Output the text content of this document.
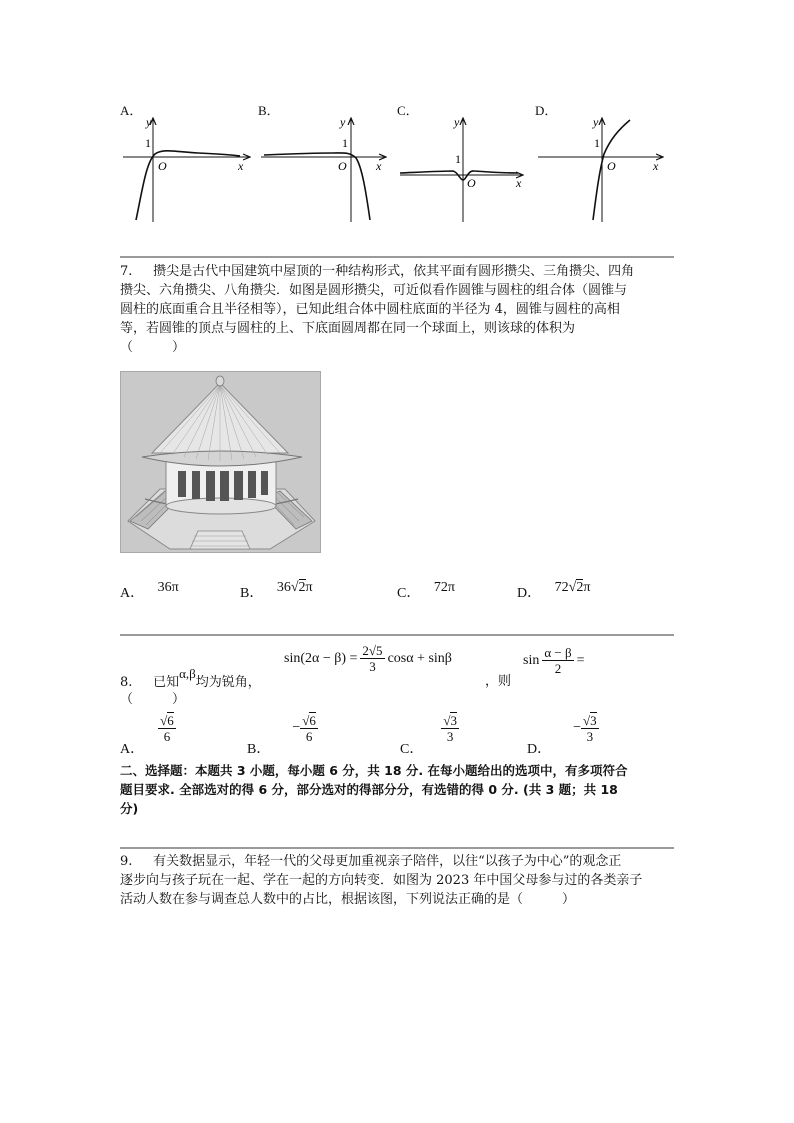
A．	B．	C．	D．
y
1
O	x
y
1
O x
y
1
O	x
y
1
O	x
7. 攒尖是古代中国建筑中屋顶的一种结构形式，依其平面有圆形攒尖、三角攒尖、四角
攒尖、六角攒尖、八角攒尖．如图是圆形攒尖，可近似看作圆锥与圆柱的组合体（圆锥与
圆柱的底面重合且半径相等），已知此组合体中圆柱底面的半径为 4，圆锥与圆柱的高相
等，若圆锥的顶点与圆柱的上、下底面圆周都在同一个球面上，则该球的体积为
（　　　）
A． 36π	B． 36√2π	C． 72π	D． 72√2π
$\sin(2\alpha - \beta) = \frac{2√5}{3}$ cosα + sinβ	$\sin \frac{\alpha - \beta}{2}$ =
8. 已知α,β均为锐角，	，则
（　　　）
A．
$\frac{√6}{6}$
B．
− $\frac{√6}{6}$
C．
$\frac{√3}{3}$
D．
− $\frac{√3}{3}$
二、选择题：本题共 3 小题，每小题 6 分，共 18 分. 在每小题给出的选项中，有多项符合
题目要求. 全部选对的得 6 分，部分选对的得部分分，有选错的得 0 分. (共 3 题；共 18
分)
9. 有关数据显示，年轻一代的父母更加重视亲子陪伴，以往“以孩子为中心”的观念正
逐步向与孩子玩在一起、学在一起的方向转变．如图为 2023 年中国父母参与过的各类亲子
活动人数在参与调查总人数中的占比，根据该图，下列说法正确的是（　　　）
